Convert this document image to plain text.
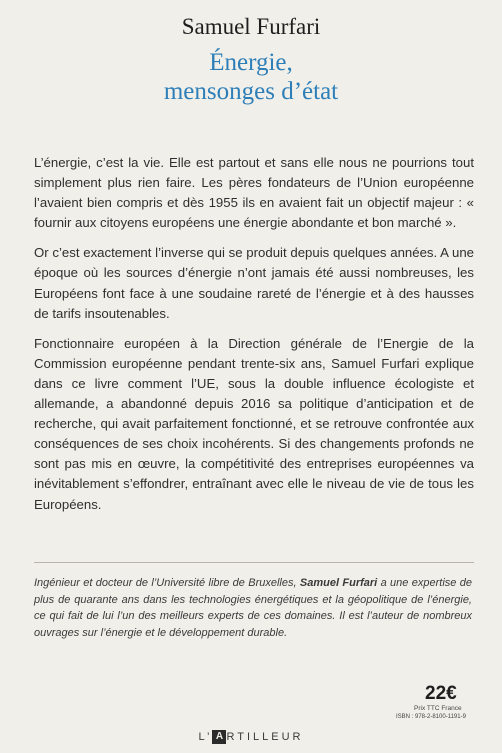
Samuel Furfari
Énergie,
mensonges d’état

L’énergie, c’est la vie. Elle est partout et sans elle nous ne pourrions tout simplement plus rien faire. Les pères fondateurs de l’Union européenne l’avaient bien compris et dès 1955 ils en avaient fait un objectif majeur : « fournir aux citoyens européens une énergie abondante et bon marché ».

Or c’est exactement l’inverse qui se produit depuis quelques années. A une époque où les sources d’énergie n’ont jamais été aussi nombreuses, les Européens font face à une soudaine rareté de l’énergie et à des hausses de tarifs insoutenables.

Fonctionnaire européen à la Direction générale de l’Energie de la Commission européenne pendant trente-six ans, Samuel Furfari explique dans ce livre comment l’UE, sous la double influence écologiste et allemande, a abandonné depuis 2016 sa politique d’anticipation et de recherche, qui avait parfaitement fonctionné, et se retrouve confrontée aux conséquences de ses choix incohérents. Si des changements profonds ne sont pas mis en œuvre, la compétitivité des entreprises européennes va inévitablement s’effondrer, entraînant avec elle le niveau de vie de tous les Européens.

Ingénieur et docteur de l’Université libre de Bruxelles, Samuel Furfari a une expertise de plus de quarante ans dans les technologies énergétiques et la géopolitique de l’énergie, ce qui fait de lui l’un des meilleurs experts de ces domaines. Il est l’auteur de nombreux ouvrages sur l’énergie et le développement durable.
22€
Prix TTC France
ISBN : 978-2-8100-1191-9
L’ A RTILLEUR
